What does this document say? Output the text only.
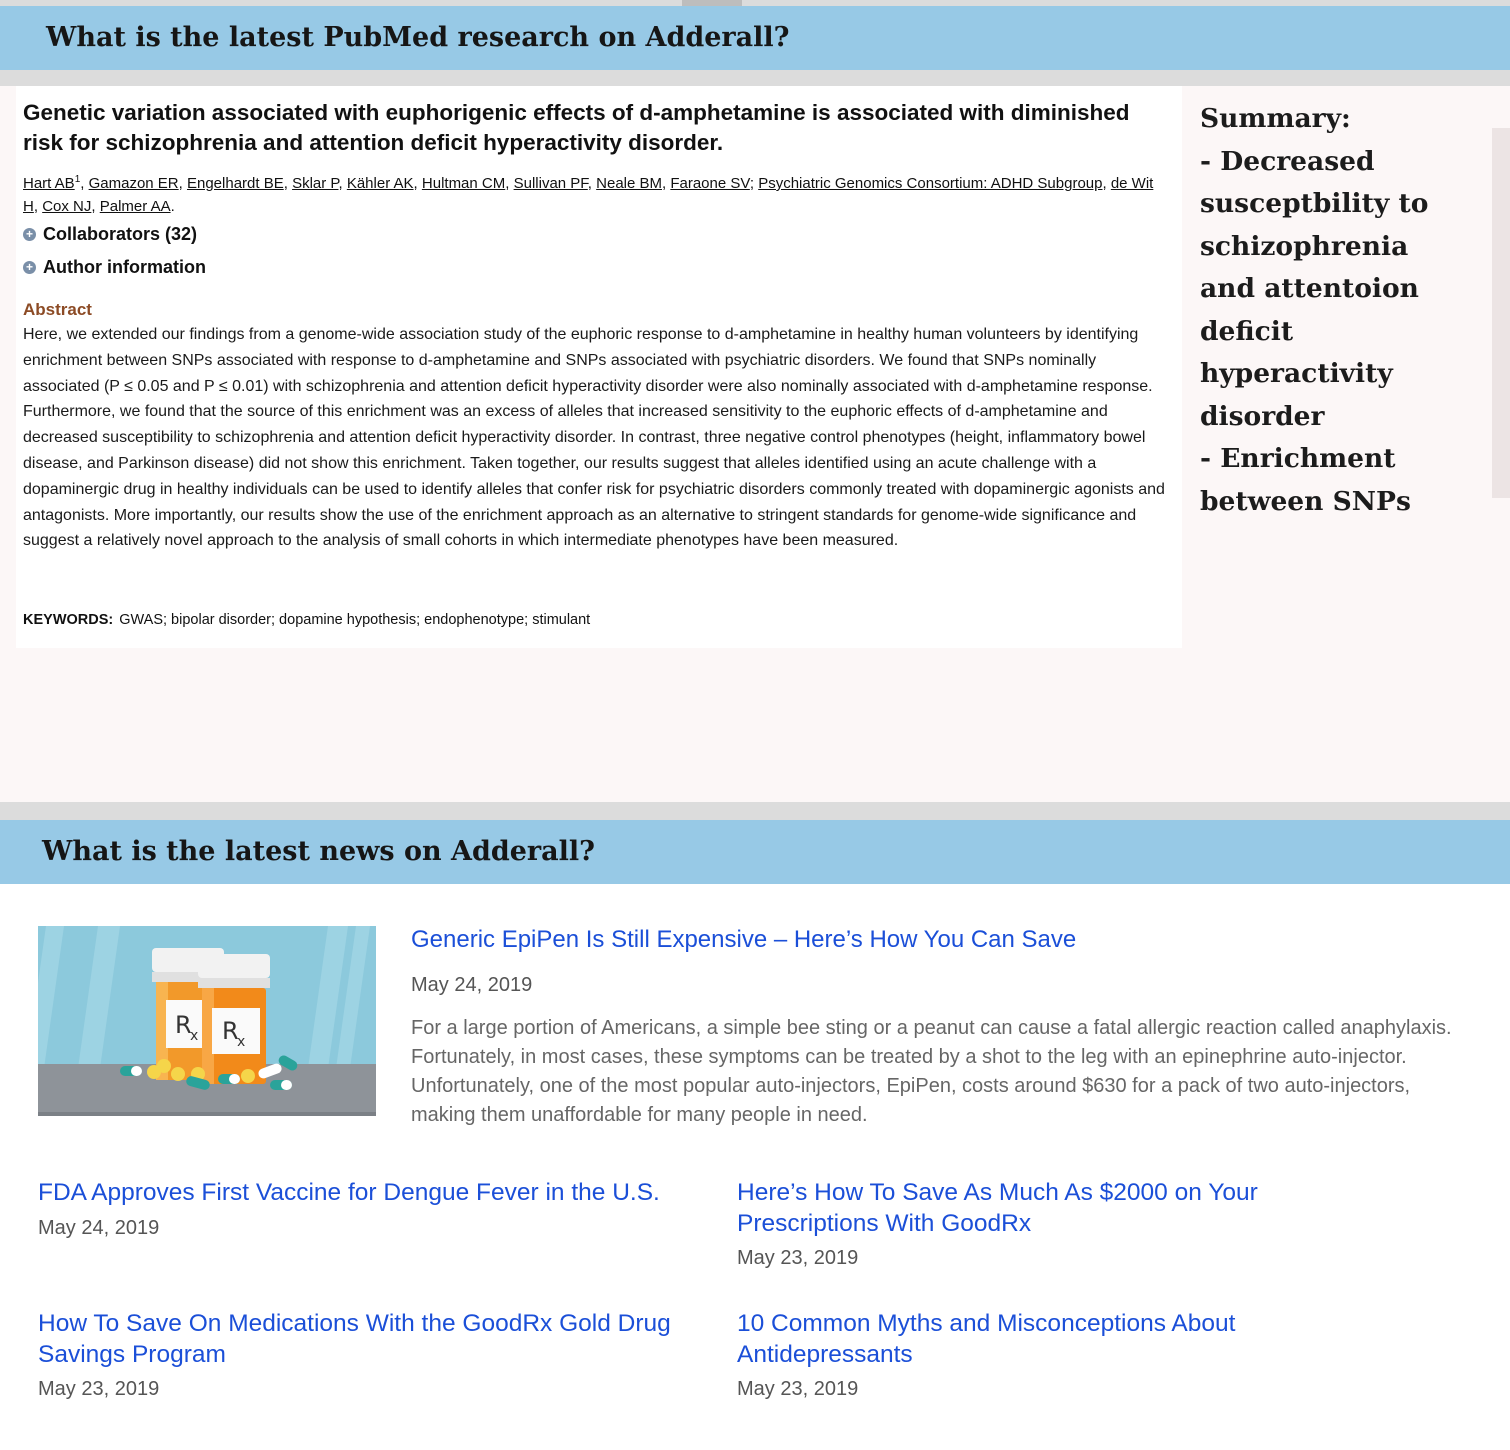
What is the latest PubMed research on Adderall?
Genetic variation associated with euphorigenic effects of d-amphetamine is associated with diminished risk for schizophrenia and attention deficit hyperactivity disorder.
Hart $AB^1$, Gamazon ER, Engelhardt BE, Sklar P, Kähler AK, Hultman CM, Sullivan PF, Neale BM, Faraone SV; Psychiatric Genomics Consortium: ADHD Subgroup, de Wit H, Cox NJ, Palmer AA.
+ Collaborators (32)
+ Author information
Abstract

Here, we extended our findings from a genome-wide association study of the euphoric response to d-amphetamine in healthy human volunteers by identifying enrichment between SNPs associated with response to d-amphetamine and SNPs associated with psychiatric disorders. We found that SNPs nominally associated (P ≤ 0.05 and P ≤ 0.01) with schizophrenia and attention deficit hyperactivity disorder were also nominally associated with d-amphetamine response. Furthermore, we found that the source of this enrichment was an excess of alleles that increased sensitivity to the euphoric effects of d-amphetamine and decreased susceptibility to schizophrenia and attention deficit hyperactivity disorder. In contrast, three negative control phenotypes (height, inflammatory bowel disease, and Parkinson disease) did not show this enrichment. Taken together, our results suggest that alleles identified using an acute challenge with a dopaminergic drug in healthy individuals can be used to identify alleles that confer risk for psychiatric disorders commonly treated with dopaminergic agonists and antagonists. More importantly, our results show the use of the enrichment approach as an alternative to stringent standards for genome-wide significance and suggest a relatively novel approach to the analysis of small cohorts in which intermediate phenotypes have been measured.

KEYWORDS: GWAS; bipolar disorder; dopamine hypothesis; endophenotype; stimulant
Summary:
- Decreased susceptbility to schizophrenia and attentoion deficit hyperactivity disorder
- Enrichment between SNPs
What is the latest news on Adderall?
R
x R
x
Generic EpiPen Is Still Expensive – Here’s How You Can Save
May 24, 2019

For a large portion of Americans, a simple bee sting or a peanut can cause a fatal allergic reaction called anaphylaxis. Fortunately, in most cases, these symptoms can be treated by a shot to the leg with an epinephrine auto-injector. Unfortunately, one of the most popular auto-injectors, EpiPen, costs around $630 for a pack of two auto-injectors, making them unaffordable for many people in need.

FDA Approves First Vaccine for Dengue Fever in the U.S.
May 24, 2019
Here’s How To Save As Much As $2000 on Your Prescriptions With GoodRx
May 23, 2019
How To Save On Medications With the GoodRx Gold Drug Savings Program
May 23, 2019
10 Common Myths and Misconceptions About Antidepressants
May 23, 2019
